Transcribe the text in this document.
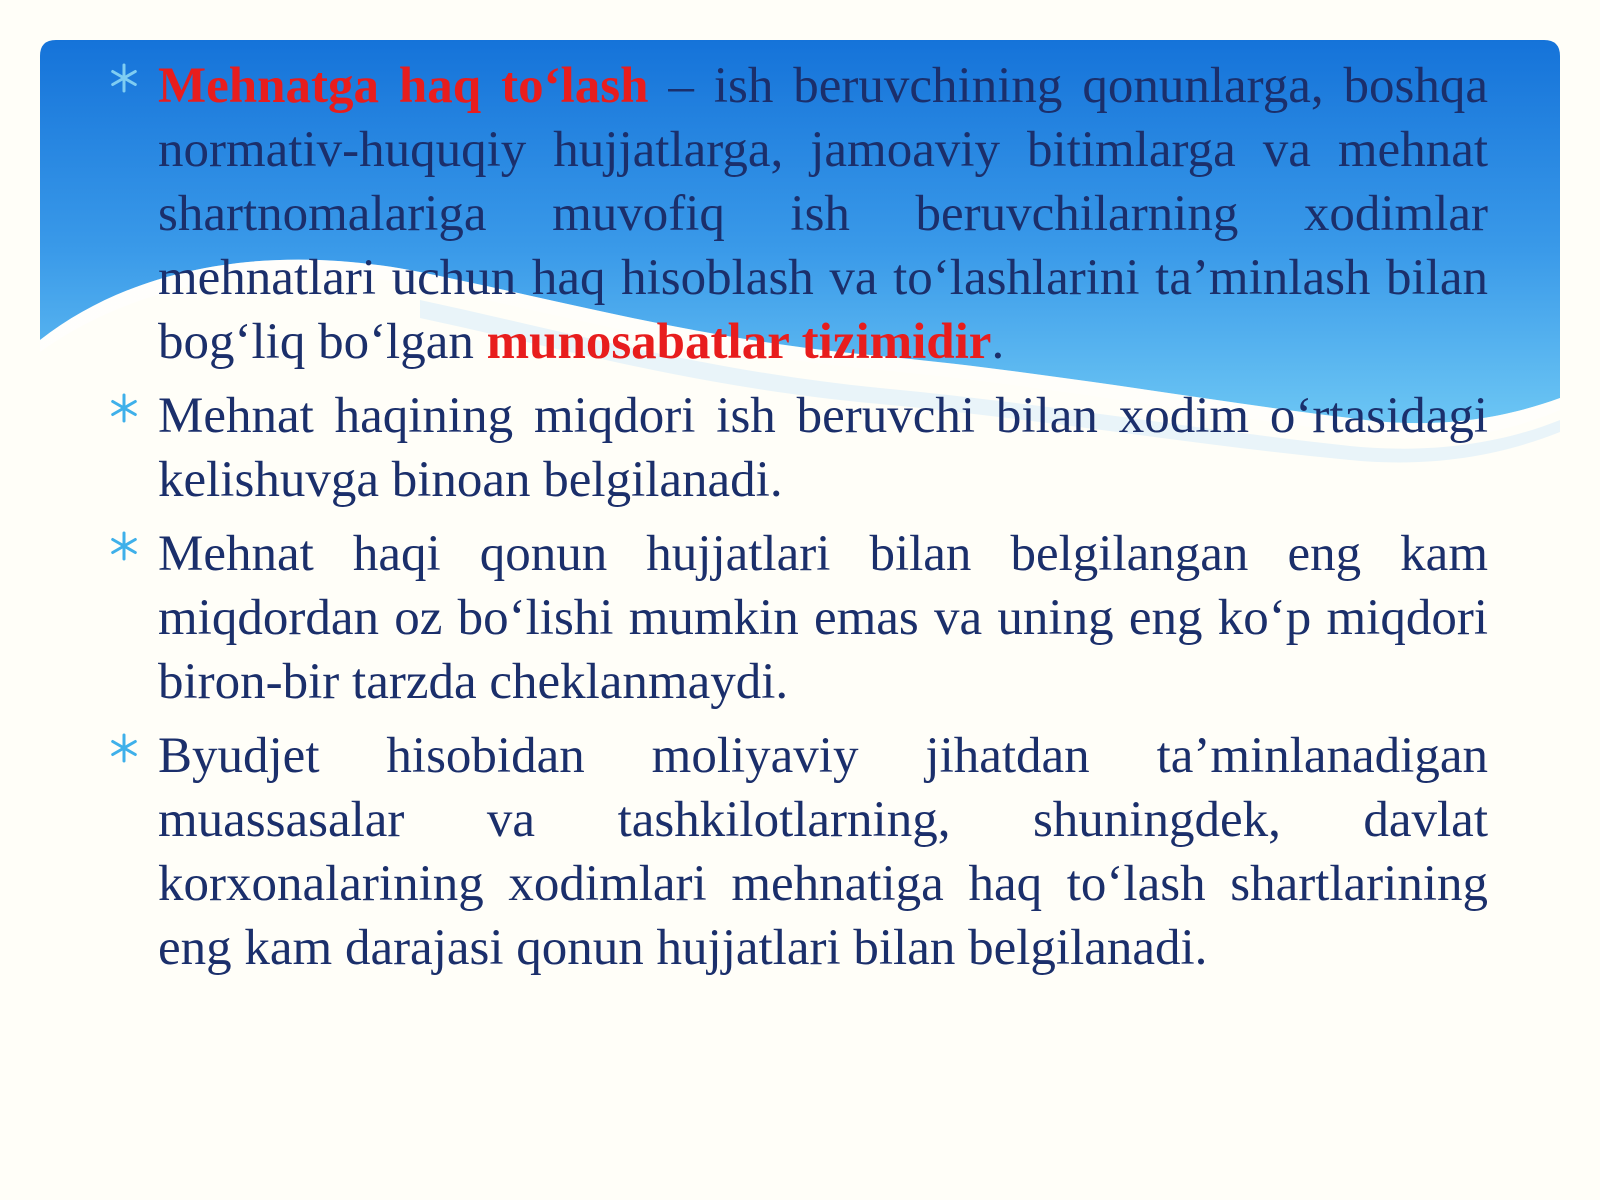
Mehnatga haq to‘lash – ish beruvchining qonunlarga, boshqa normativ-huquqiy hujjatlarga, jamoaviy bitimlarga va mehnat shartnomalariga muvofiq ish beruvchilarning xodimlar mehnatlari uchun haq hisoblash va to‘lashlarini ta’minlash bilan bog‘liq bo‘lgan munosabatlar tizimidir.
Mehnat haqining miqdori ish beruvchi bilan xodim o‘rtasidagi kelishuvga binoan belgilanadi.
Mehnat haqi qonun hujjatlari bilan belgilangan eng kam miqdordan oz bo‘lishi mumkin emas va uning eng ko‘p miqdori biron-bir tarzda cheklanmaydi.
Byudjet hisobidan moliyaviy jihatdan ta’minlanadigan muassasalar va tashkilotlarning, shuningdek, davlat korxonalarining xodimlari mehnatiga haq to‘lash shartlarining eng kam darajasi qonun hujjatlari bilan belgilanadi.
